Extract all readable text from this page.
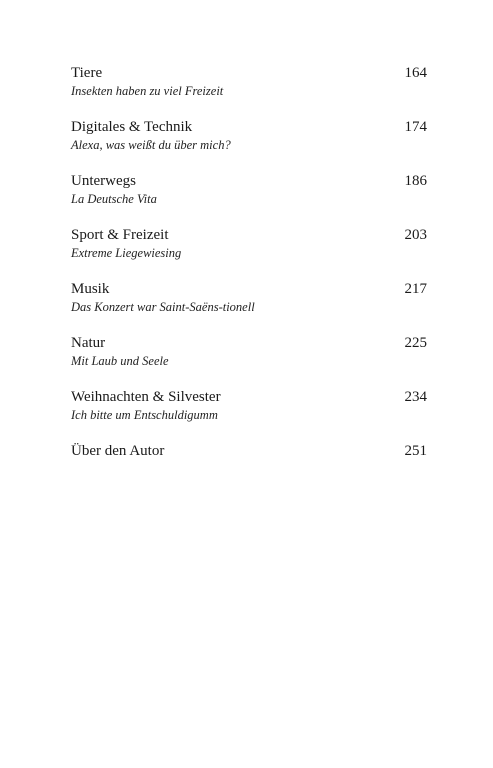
Tiere	164
Insekten haben zu viel Freizeit
Digitales & Technik	174
Alexa, was weißt du über mich?
Unterwegs	186
La Deutsche Vita
Sport & Freizeit	203
Extreme Liegewiesing
Musik	217
Das Konzert war Saint-Saëns-tionell
Natur	225
Mit Laub und Seele
Weihnachten & Silvester	234
Ich bitte um Entschuldigumm
Über den Autor	251
